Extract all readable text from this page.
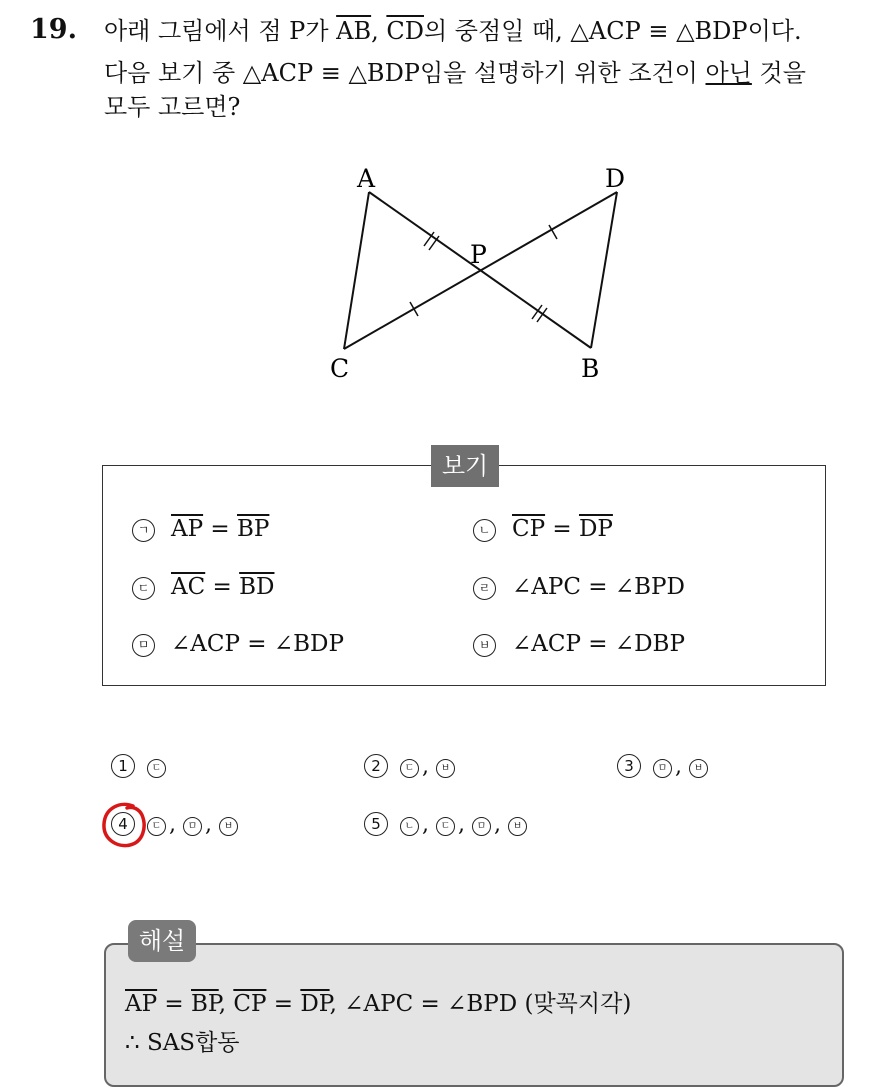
19. 아래 그림에서 점 P가 $\overline{AB}$, $\overline{CD}$의 중점일 때, △ACP ≡ △BDP이다.
다음 보기 중 △ACP ≡ △BDP임을 설명하기 위한 조건이 아닌 것을
모두 고르면?
A	D
P
C	B
보기
ㄱ $\overline{AP} = \overline{BP}$	ㄴ $\overline{CP} = \overline{DP}$
ㄷ $\overline{AC} = \overline{BD}$	ㄹ ∠APC = ∠BPD
ㅁ ∠ACP = ∠BDP	ㅂ ∠ACP = ∠DBP
1 ㄷ	2 ㄷ , ㅂ	3 ㅁ , ㅂ
4 ㄷ , ㅁ , ㅂ	5 ㄴ , ㄷ , ㅁ , ㅂ
해설
$\overline{AP} = \overline{BP}$, $\overline{CP} = \overline{DP}$, ∠APC = ∠BPD (맞꼭지각)
∴ SAS합동
